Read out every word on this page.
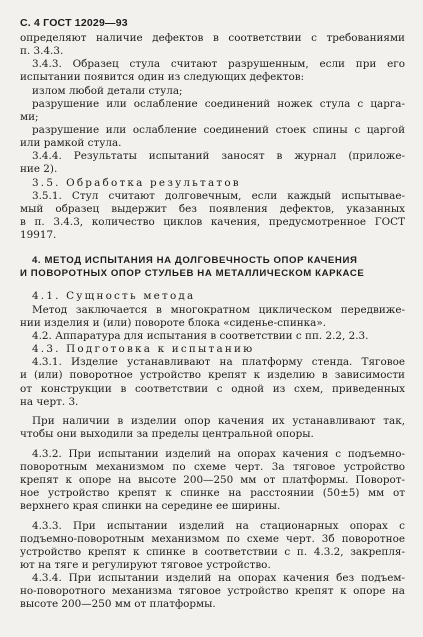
С. 4 ГОСТ 12029—93
определяют наличие дефектов в соответствии с требованиями
п. 3.4.3.
3.4.3. Образец стула считают разрушенным, если при его
испытании появится один из следующих дефектов:
излом любой детали стула;
разрушение или ослабление соединений ножек стула с царга-
ми;
разрушение или ослабление соединений стоек спины с царгой
или рамкой стула.
3.4.4. Результаты испытаний заносят в журнал (приложе-
ние 2).
3.5. Обработка результатов
3.5.1. Стул считают долговечным, если каждый испытывае-
мый образец выдержит без появления дефектов, указанных
в п. 3.4.3, количество циклов качения, предусмотренное ГОСТ
19917.
4. МЕТОД ИСПЫТАНИЯ НА ДОЛГОВЕЧНОСТЬ ОПОР КАЧЕНИЯ
И ПОВОРОТНЫХ ОПОР СТУЛЬЕВ НА МЕТАЛЛИЧЕСКОМ КАРКАСЕ
4.1. Сущность метода
Метод заключается в многократном циклическом передвиже-
нии изделия и (или) повороте блока «сиденье-спинка».
4.2. Аппаратура для испытания в соответствии с пп. 2.2, 2.3.
4.3. Подготовка к испытанию
4.3.1. Изделие устанавливают на платформу стенда. Тяговое
и (или) поворотное устройство крепят к изделию в зависимости
от конструкции в соответствии с одной из схем, приведенных
на черт. 3.
При наличии в изделии опор качения их устанавливают так,
чтобы они выходили за пределы центральной опоры.
4.3.2. При испытании изделий на опорах качения с подъемно-
поворотным механизмом по схеме черт. 3а тяговое устройство
крепят к опоре на высоте 200—250 мм от платформы. Поворот-
ное устройство крепят к спинке на расстоянии (50±5) мм от
верхнего края спинки на середине ее ширины.
4.3.3. При испытании изделий на стационарных опорах с
подъемно-поворотным механизмом по схеме черт. 3б поворотное
устройство крепят к спинке в соответствии с п. 4.3.2, закрепля-
ют на тяге и регулируют тяговое устройство.
4.3.4. При испытании изделий на опорах качения без подъем-
но-поворотного механизма тяговое устройство крепят к опоре на
высоте 200—250 мм от платформы.
